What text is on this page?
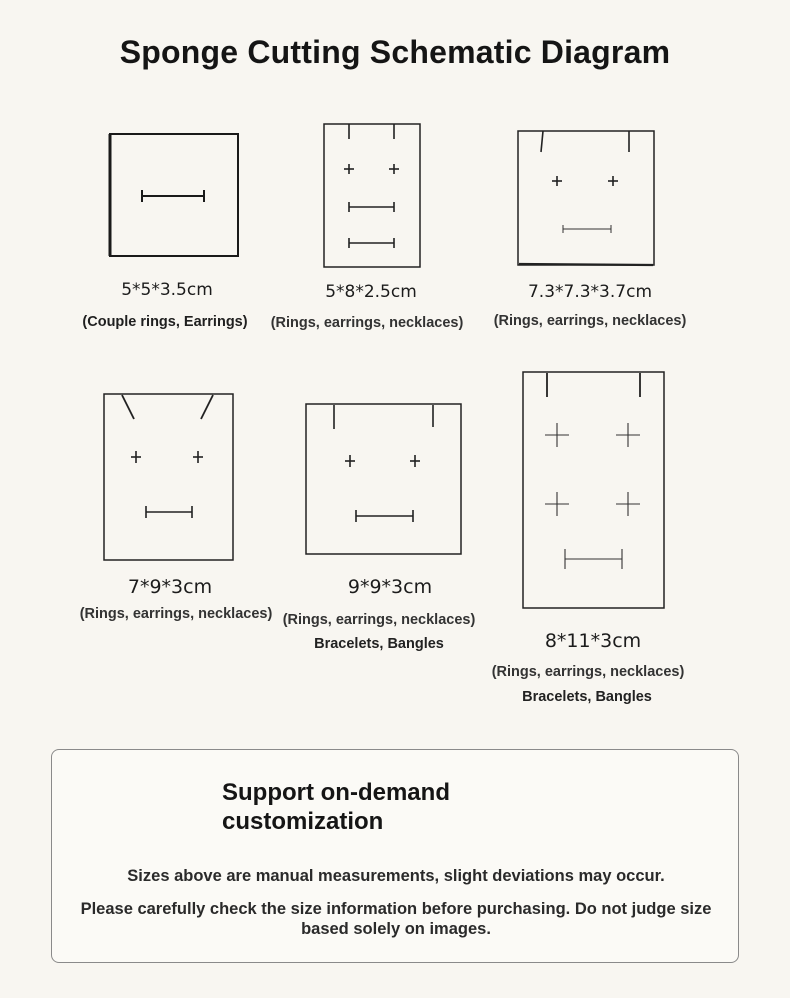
Sponge Cutting Schematic Diagram
5*5*3.5cm
(Couple rings, Earrings)
5*8*2.5cm
(Rings, earrings, necklaces)
7.3*7.3*3.7cm
(Rings, earrings, necklaces)
7*9*3cm
(Rings, earrings, necklaces)
9*9*3cm
(Rings, earrings, necklaces)
Bracelets, Bangles	8*11*3cm
(Rings, earrings, necklaces)
Bracelets, Bangles
Support on-demand customization
Sizes above are manual measurements, slight deviations may occur.
Please carefully check the size information before purchasing. Do not judge size based solely on images.
